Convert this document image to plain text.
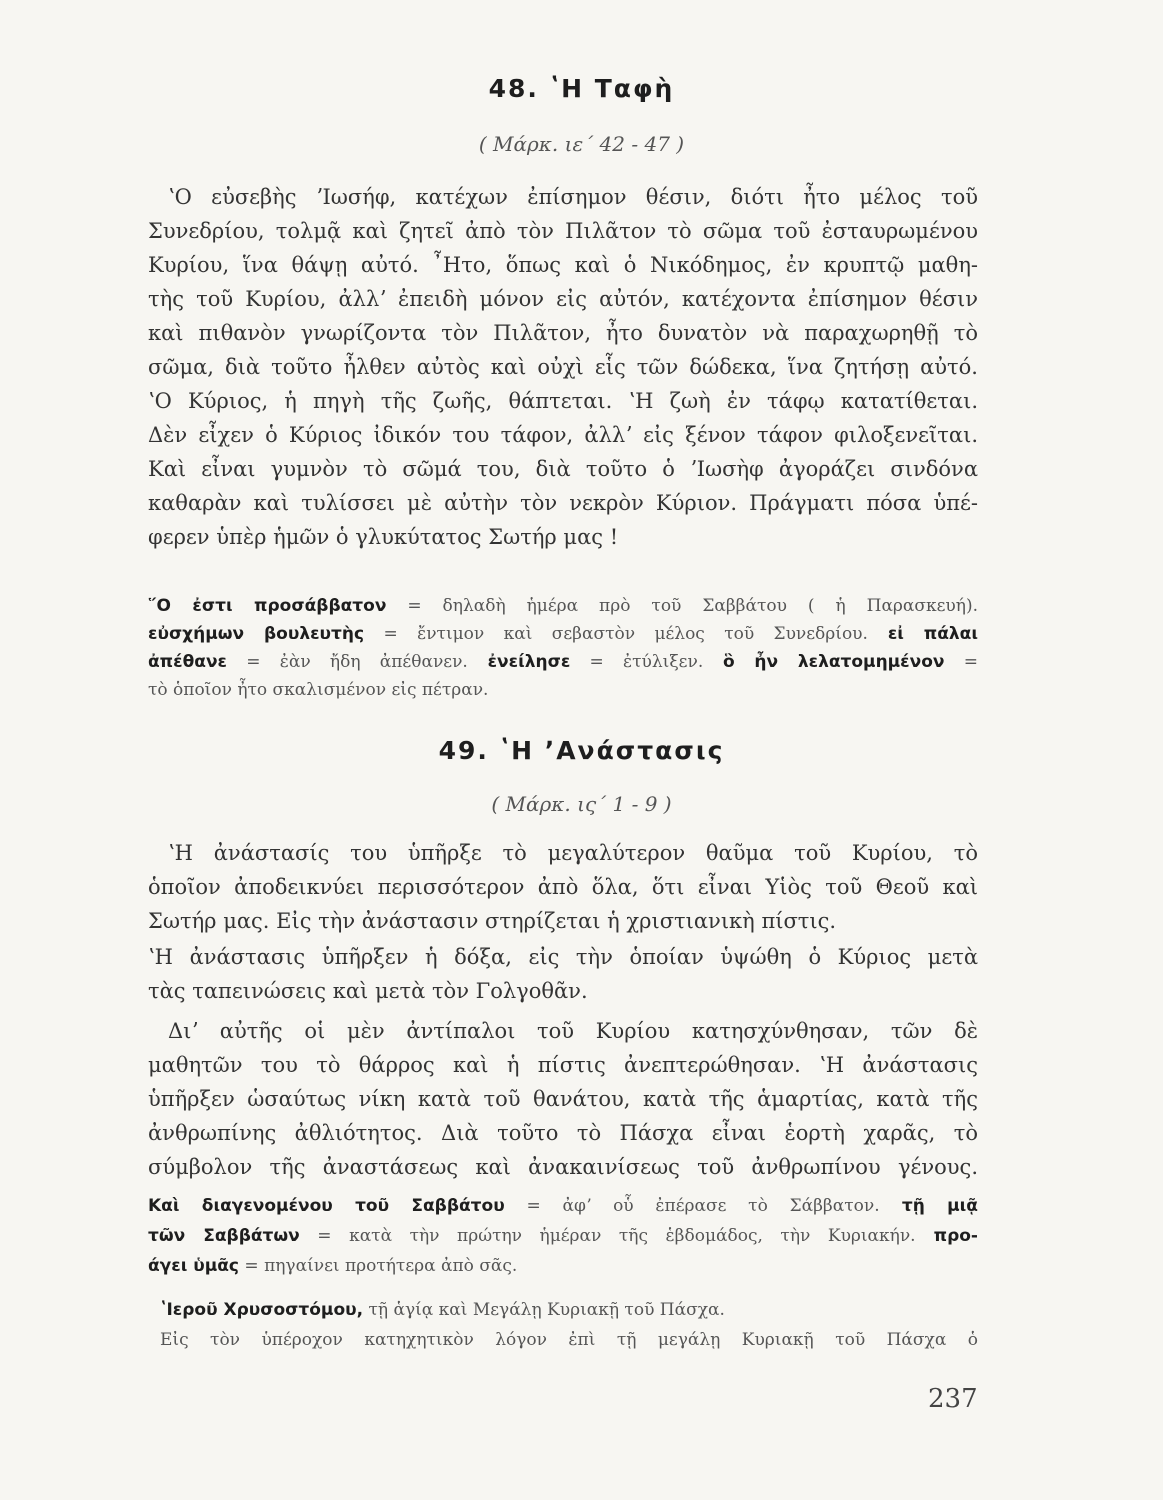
48. ʽΗ Ταφὴ
( Μάρκ. ιε΄ 42 - 47 )
ʽΟ εὐσεβὴς ʼΙωσήφ, κατέχων ἐπίσημον θέσιν, διότι ἦτο μέλος τοῦ
Συνεδρίου, τολμᾷ καὶ ζητεῖ ἀπὸ τὸν Πιλᾶτον τὸ σῶμα τοῦ ἐσταυρωμένου
Κυρίου, ἵνα θάψῃ αὐτό. ῏Ητο, ὅπως καὶ ὁ Νικόδημος, ἐν κρυπτῷ μαθη-
τὴς τοῦ Κυρίου, ἀλλʼ ἐπειδὴ μόνον εἰς αὐτόν, κατέχοντα ἐπίσημον θέσιν
καὶ πιθανὸν γνωρίζοντα τὸν Πιλᾶτον, ἦτο δυνατὸν νὰ παραχωρηθῇ τὸ
σῶμα, διὰ τοῦτο ἦλθεν αὐτὸς καὶ οὐχὶ εἷς τῶν δώδεκα, ἵνα ζητήσῃ αὐτό.
ʽΟ Κύριος, ἡ πηγὴ τῆς ζωῆς, θάπτεται. ʽΗ ζωὴ ἐν τάφῳ κατατίθεται.
Δὲν εἶχεν ὁ Κύριος ἰδικόν του τάφον, ἀλλʼ εἰς ξένον τάφον φιλοξενεῖται.
Καὶ εἶναι γυμνὸν τὸ σῶμά του, διὰ τοῦτο ὁ ʼΙωσὴφ ἀγοράζει σινδόνα
καθαρὰν καὶ τυλίσσει μὲ αὐτὴν τὸν νεκρὸν Κύριον. Πράγματι πόσα ὑπέ-
φερεν ὑπὲρ ἡμῶν ὁ γλυκύτατος Σωτήρ μας !
῞Ο ἐστι προσάββατον = δηλαδὴ ἡμέρα πρὸ τοῦ Σαββάτου ( ἡ Παρασκευή).
εὐσχήμων βουλευτὴς = ἔντιμον καὶ σεβαστὸν μέλος τοῦ Συνεδρίου. εἰ πάλαι
ἀπέθανε = ἐὰν ἤδη ἀπέθανεν. ἐνείλησε = ἐτύλιξεν. ὃ ἦν λελατομημένον =
τὸ ὁποῖον ἦτο σκαλισμένον εἰς πέτραν.
49. ʽΗ ʼΑνάστασις
( Μάρκ. ις΄ 1 - 9 )
ʽΗ ἀνάστασίς του ὑπῆρξε τὸ μεγαλύτερον θαῦμα τοῦ Κυρίου, τὸ
ὁποῖον ἀποδεικνύει περισσότερον ἀπὸ ὅλα, ὅτι εἶναι Υἱὸς τοῦ Θεοῦ καὶ
Σωτήρ μας. Εἰς τὴν ἀνάστασιν στηρίζεται ἡ χριστιανικὴ πίστις.
ʽΗ ἀνάστασις ὑπῆρξεν ἡ δόξα, εἰς τὴν ὁποίαν ὑψώθη ὁ Κύριος μετὰ
τὰς ταπεινώσεις καὶ μετὰ τὸν Γολγοθᾶν.
Διʼ αὐτῆς οἱ μὲν ἀντίπαλοι τοῦ Κυρίου κατησχύνθησαν, τῶν δὲ
μαθητῶν του τὸ θάρρος καὶ ἡ πίστις ἀνεπτερώθησαν. ʽΗ ἀνάστασις
ὑπῆρξεν ὡσαύτως νίκη κατὰ τοῦ θανάτου, κατὰ τῆς ἁμαρτίας, κατὰ τῆς
ἀνθρωπίνης ἀθλιότητος. Διὰ τοῦτο τὸ Πάσχα εἶναι ἑορτὴ χαρᾶς, τὸ
σύμβολον τῆς ἀναστάσεως καὶ ἀνακαινίσεως τοῦ ἀνθρωπίνου γένους.
Καὶ διαγενομένου τοῦ Σαββάτου = ἀφʼ οὗ ἐπέρασε τὸ Σάββατον. τῇ μιᾷ
τῶν Σαββάτων = κατὰ τὴν πρώτην ἡμέραν τῆς ἑβδομάδος, τὴν Κυριακήν. προ-
άγει ὑμᾶς = πηγαίνει προτήτερα ἀπὸ σᾶς.
ʽΙεροῦ Χρυσοστόμου, τῇ ἁγίᾳ καὶ Μεγάλῃ Κυριακῇ τοῦ Πάσχα.
Εἰς τὸν ὑπέροχον κατηχητικὸν λόγον ἐπὶ τῇ μεγάλῃ Κυριακῇ τοῦ Πάσχα ὁ
237
